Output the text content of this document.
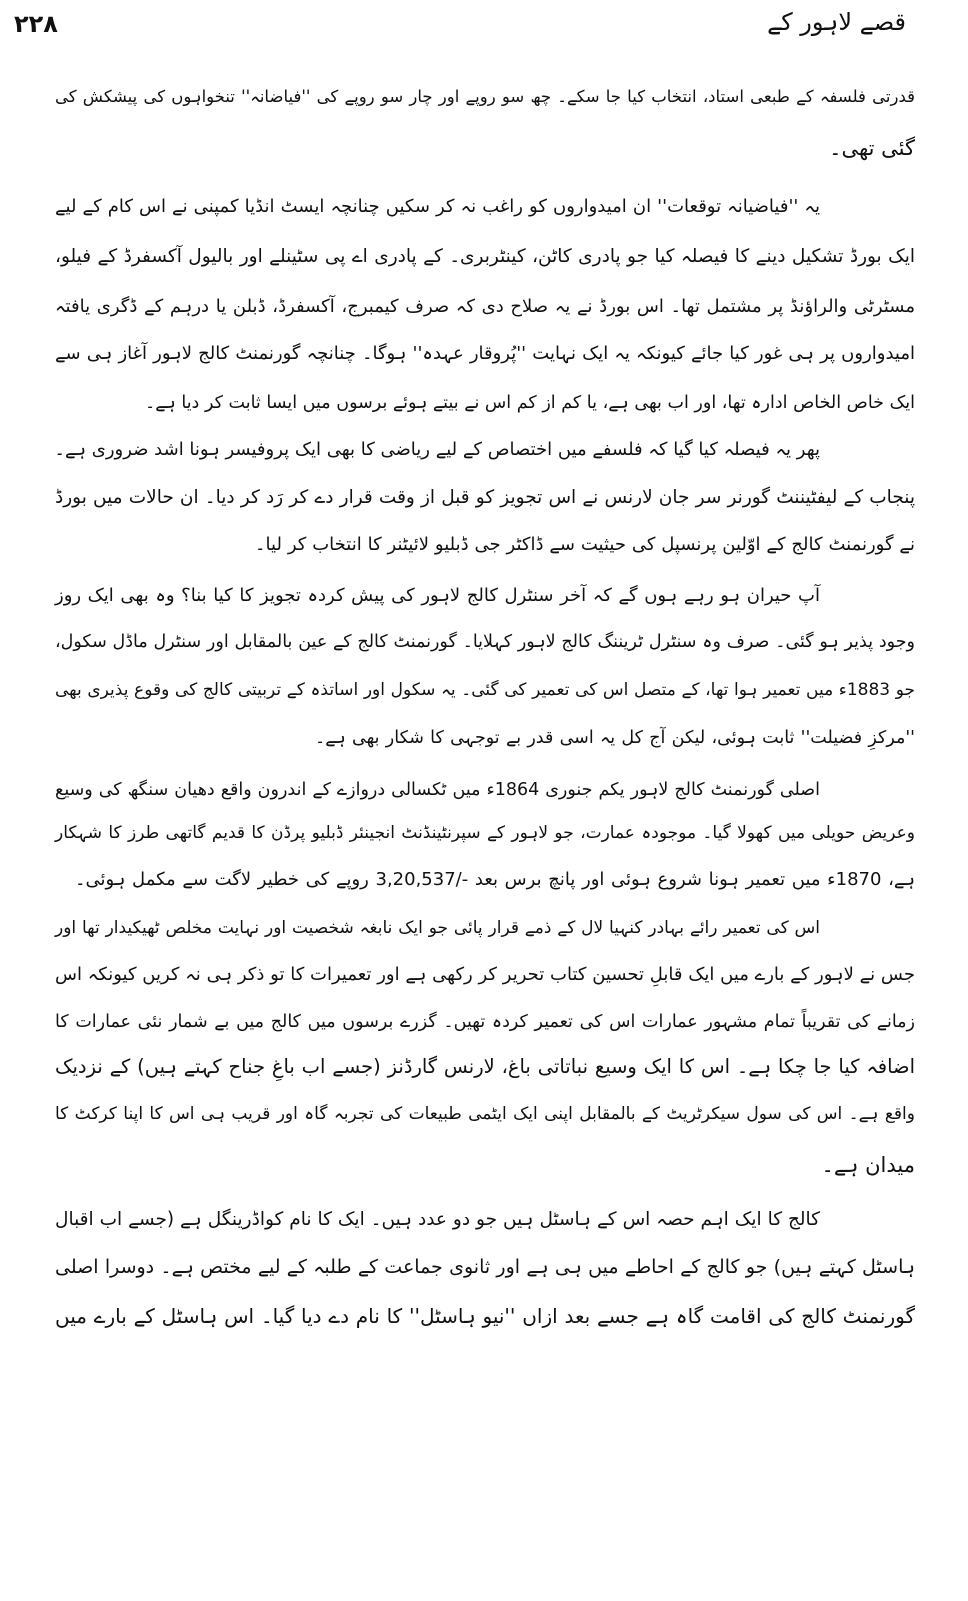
قصے لاہور کے
۲۲۸
قدرتی فلسفہ کے طبعی استاد، انتخاب کیا جا سکے۔ چھ سو روپے اور چار سو روپے کی ''فیاضانہ'' تنخواہوں کی پیشکش کی
گئی تھی۔
یہ ''فیاضیانہ توقعات'' ان امیدواروں کو راغب نہ کر سکیں چنانچہ ایسٹ انڈیا کمپنی نے اس کام کے لیے
ایک بورڈ تشکیل دینے کا فیصلہ کیا جو پادری کاٹن، کینٹربری۔ کے پادری اے پی سٹینلے اور بالیول آکسفرڈ کے فیلو،
مسٹرٹی والراؤنڈ پر مشتمل تھا۔ اس بورڈ نے یہ صلاح دی کہ صرف کیمبرج، آکسفرڈ، ڈبلن یا درہم کے ڈگری یافتہ
امیدواروں پر ہی غور کیا جائے کیونکہ یہ ایک نہایت ''پُروقار عہدہ'' ہوگا۔ چنانچہ گورنمنٹ کالج لاہور آغاز ہی سے
ایک خاص الخاص ادارہ تھا، اور اب بھی ہے، یا کم از کم اس نے بیتے ہوئے برسوں میں ایسا ثابت کر دیا ہے۔
پھر یہ فیصلہ کیا گیا کہ فلسفے میں اختصاص کے لیے ریاضی کا بھی ایک پروفیسر ہونا اشد ضروری ہے۔
پنجاب کے لیفٹیننٹ گورنر سر جان لارنس نے اس تجویز کو قبل از وقت قرار دے کر رَد کر دیا۔ ان حالات میں بورڈ
نے گورنمنٹ کالج کے اوّلین پرنسپل کی حیثیت سے ڈاکٹر جی ڈبلیو لائیٹنر کا انتخاب کر لیا۔
آپ حیران ہو رہے ہوں گے کہ آخر سنٹرل کالج لاہور کی پیش کردہ تجویز کا کیا بنا؟ وہ بھی ایک روز
وجود پذیر ہو گئی۔ صرف وہ سنٹرل ٹریننگ کالج لاہور کہلایا۔ گورنمنٹ کالج کے عین بالمقابل اور سنٹرل ماڈل سکول،
جو 1883ء میں تعمیر ہوا تھا، کے متصل اس کی تعمیر کی گئی۔ یہ سکول اور اساتذہ کے تربیتی کالج کی وقوع پذیری بھی
''مرکزِ فضیلت'' ثابت ہوئی، لیکن آج کل یہ اسی قدر بے توجہی کا شکار بھی ہے۔
اصلی گورنمنٹ کالج لاہور یکم جنوری 1864ء میں ٹکسالی دروازے کے اندرون واقع دھیان سنگھ کی وسیع
وعریض حویلی میں کھولا گیا۔ موجودہ عمارت، جو لاہور کے سپرنٹینڈنٹ انجینئر ڈبلیو پرڈن کا قدیم گاتھی طرز کا شہکار
ہے، 1870ء میں تعمیر ہونا شروع ہوئی اور پانچ برس بعد -/3,20,537 روپے کی خطیر لاگت سے مکمل ہوئی۔
اس کی تعمیر رائے بہادر کنہیا لال کے ذمے قرار پائی جو ایک نابغہ شخصیت اور نہایت مخلص ٹھیکیدار تھا اور
جس نے لاہور کے بارے میں ایک قابلِ تحسین کتاب تحریر کر رکھی ہے اور تعمیرات کا تو ذکر ہی نہ کریں کیونکہ اس
زمانے کی تقریباً تمام مشہور عمارات اس کی تعمیر کردہ تھیں۔ گزرے برسوں میں کالج میں بے شمار نئی عمارات کا
اضافہ کیا جا چکا ہے۔ اس کا ایک وسیع نباتاتی باغ، لارنس گارڈنز (جسے اب باغِ جناح کہتے ہیں) کے نزدیک
واقع ہے۔ اس کی سول سیکرٹریٹ کے بالمقابل اپنی ایک ایٹمی طبیعات کی تجربہ گاہ اور قریب ہی اس کا اپنا کرکٹ کا
میدان ہے۔
کالج کا ایک اہم حصہ اس کے ہاسٹل ہیں جو دو عدد ہیں۔ ایک کا نام کواڈرینگل ہے (جسے اب اقبال
ہاسٹل کہتے ہیں) جو کالج کے احاطے میں ہی ہے اور ثانوی جماعت کے طلبہ کے لیے مختص ہے۔ دوسرا اصلی
گورنمنٹ کالج کی اقامت گاہ ہے جسے بعد ازاں ''نیو ہاسٹل'' کا نام دے دیا گیا۔ اس ہاسٹل کے بارے میں
